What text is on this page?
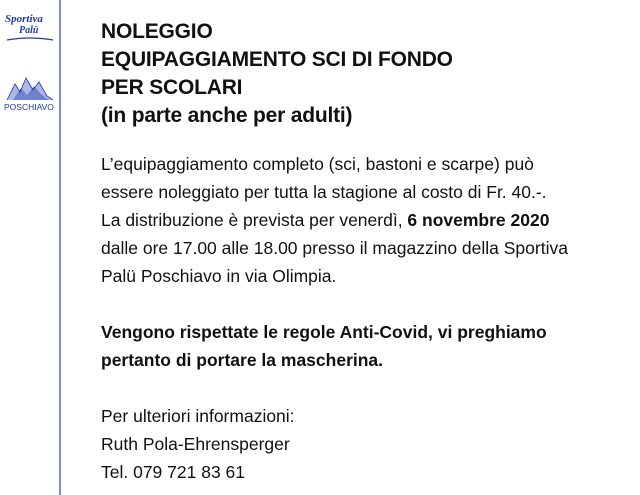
Sportiva
Palü
POSCHIAVO
NOLEGGIO
EQUIPAGGIAMENTO SCI DI FONDO
PER SCOLARI
(in parte anche per adulti)
L’equipaggiamento completo (sci, bastoni e scarpe) può
essere noleggiato per tutta la stagione al costo di Fr. 40.-.
La distribuzione è prevista per venerdì, 6 novembre 2020
dalle ore 17.00 alle 18.00 presso il magazzino della Sportiva
Palü Poschiavo in via Olimpia.
Vengono rispettate le regole Anti-Covid, vi preghiamo
pertanto di portare la mascherina.
Per ulteriori informazioni:
Ruth Pola-Ehrensperger
Tel. 079 721 83 61
